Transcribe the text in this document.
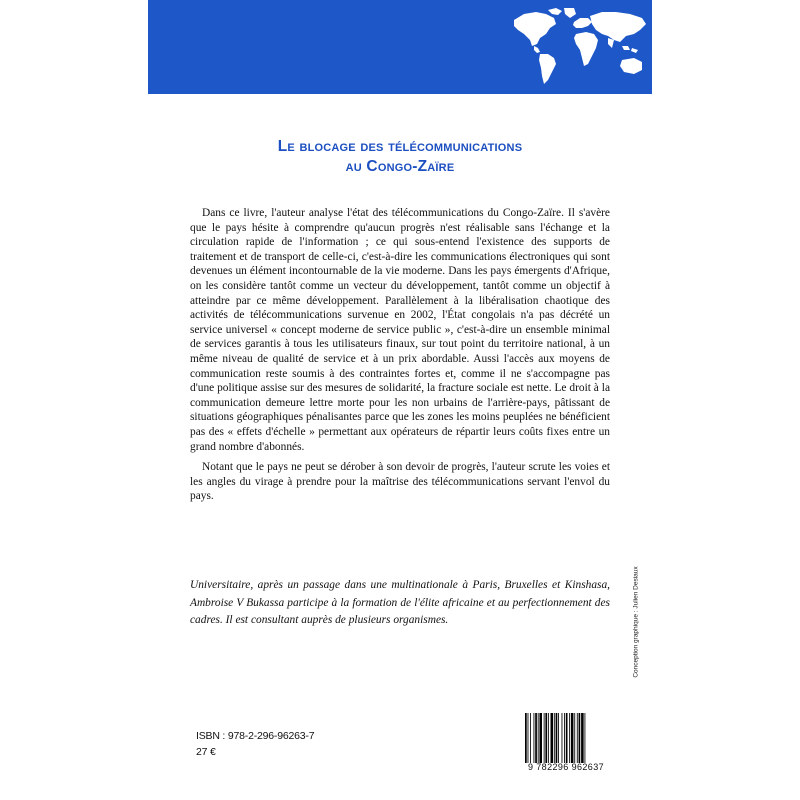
Le blocage des télécommunications
au Congo-Zaïre

Dans ce livre, l'auteur analyse l'état des télécommunications du Congo-Zaïre. Il s'avère que le pays hésite à comprendre qu'aucun progrès n'est réalisable sans l'échange et la circulation rapide de l'information ; ce qui sous-entend l'existence des supports de traitement et de transport de celle-ci, c'est-à-dire les communications électroniques qui sont devenues un élément incontournable de la vie moderne. Dans les pays émergents d'Afrique, on les considère tantôt comme un vecteur du développement, tantôt comme un objectif à atteindre par ce même développement. Parallèlement à la libéralisation chaotique des activités de télécommunications survenue en 2002, l'État congolais n'a pas décrété un service universel « concept moderne de service public », c'est-à-dire un ensemble minimal de services garantis à tous les utilisateurs finaux, sur tout point du territoire national, à un même niveau de qualité de service et à un prix abordable. Aussi l'accès aux moyens de communication reste soumis à des contraintes fortes et, comme il ne s'accompagne pas d'une politique assise sur des mesures de solidarité, la fracture sociale est nette. Le droit à la communication demeure lettre morte pour les non urbains de l'arrière-pays, pâtissant de situations géographiques pénalisantes parce que les zones les moins peuplées ne bénéficient pas des « effets d'échelle » permettant aux opérateurs de répartir leurs coûts fixes entre un grand nombre d'abonnés.

Notant que le pays ne peut se dérober à son devoir de progrès, l'auteur scrute les voies et les angles du virage à prendre pour la maîtrise des télécommunications servant l'envol du pays.

Universitaire, après un passage dans une multinationale à Paris, Bruxelles et Kinshasa, Ambroise V Bukassa participe à la formation de l'élite africaine et au perfectionnement des cadres. Il est consultant auprès de plusieurs organismes.	Conception graphique : Julien Desiaux
ISBN : 978-2-296-96263-7
27 €
9 782296 962637
